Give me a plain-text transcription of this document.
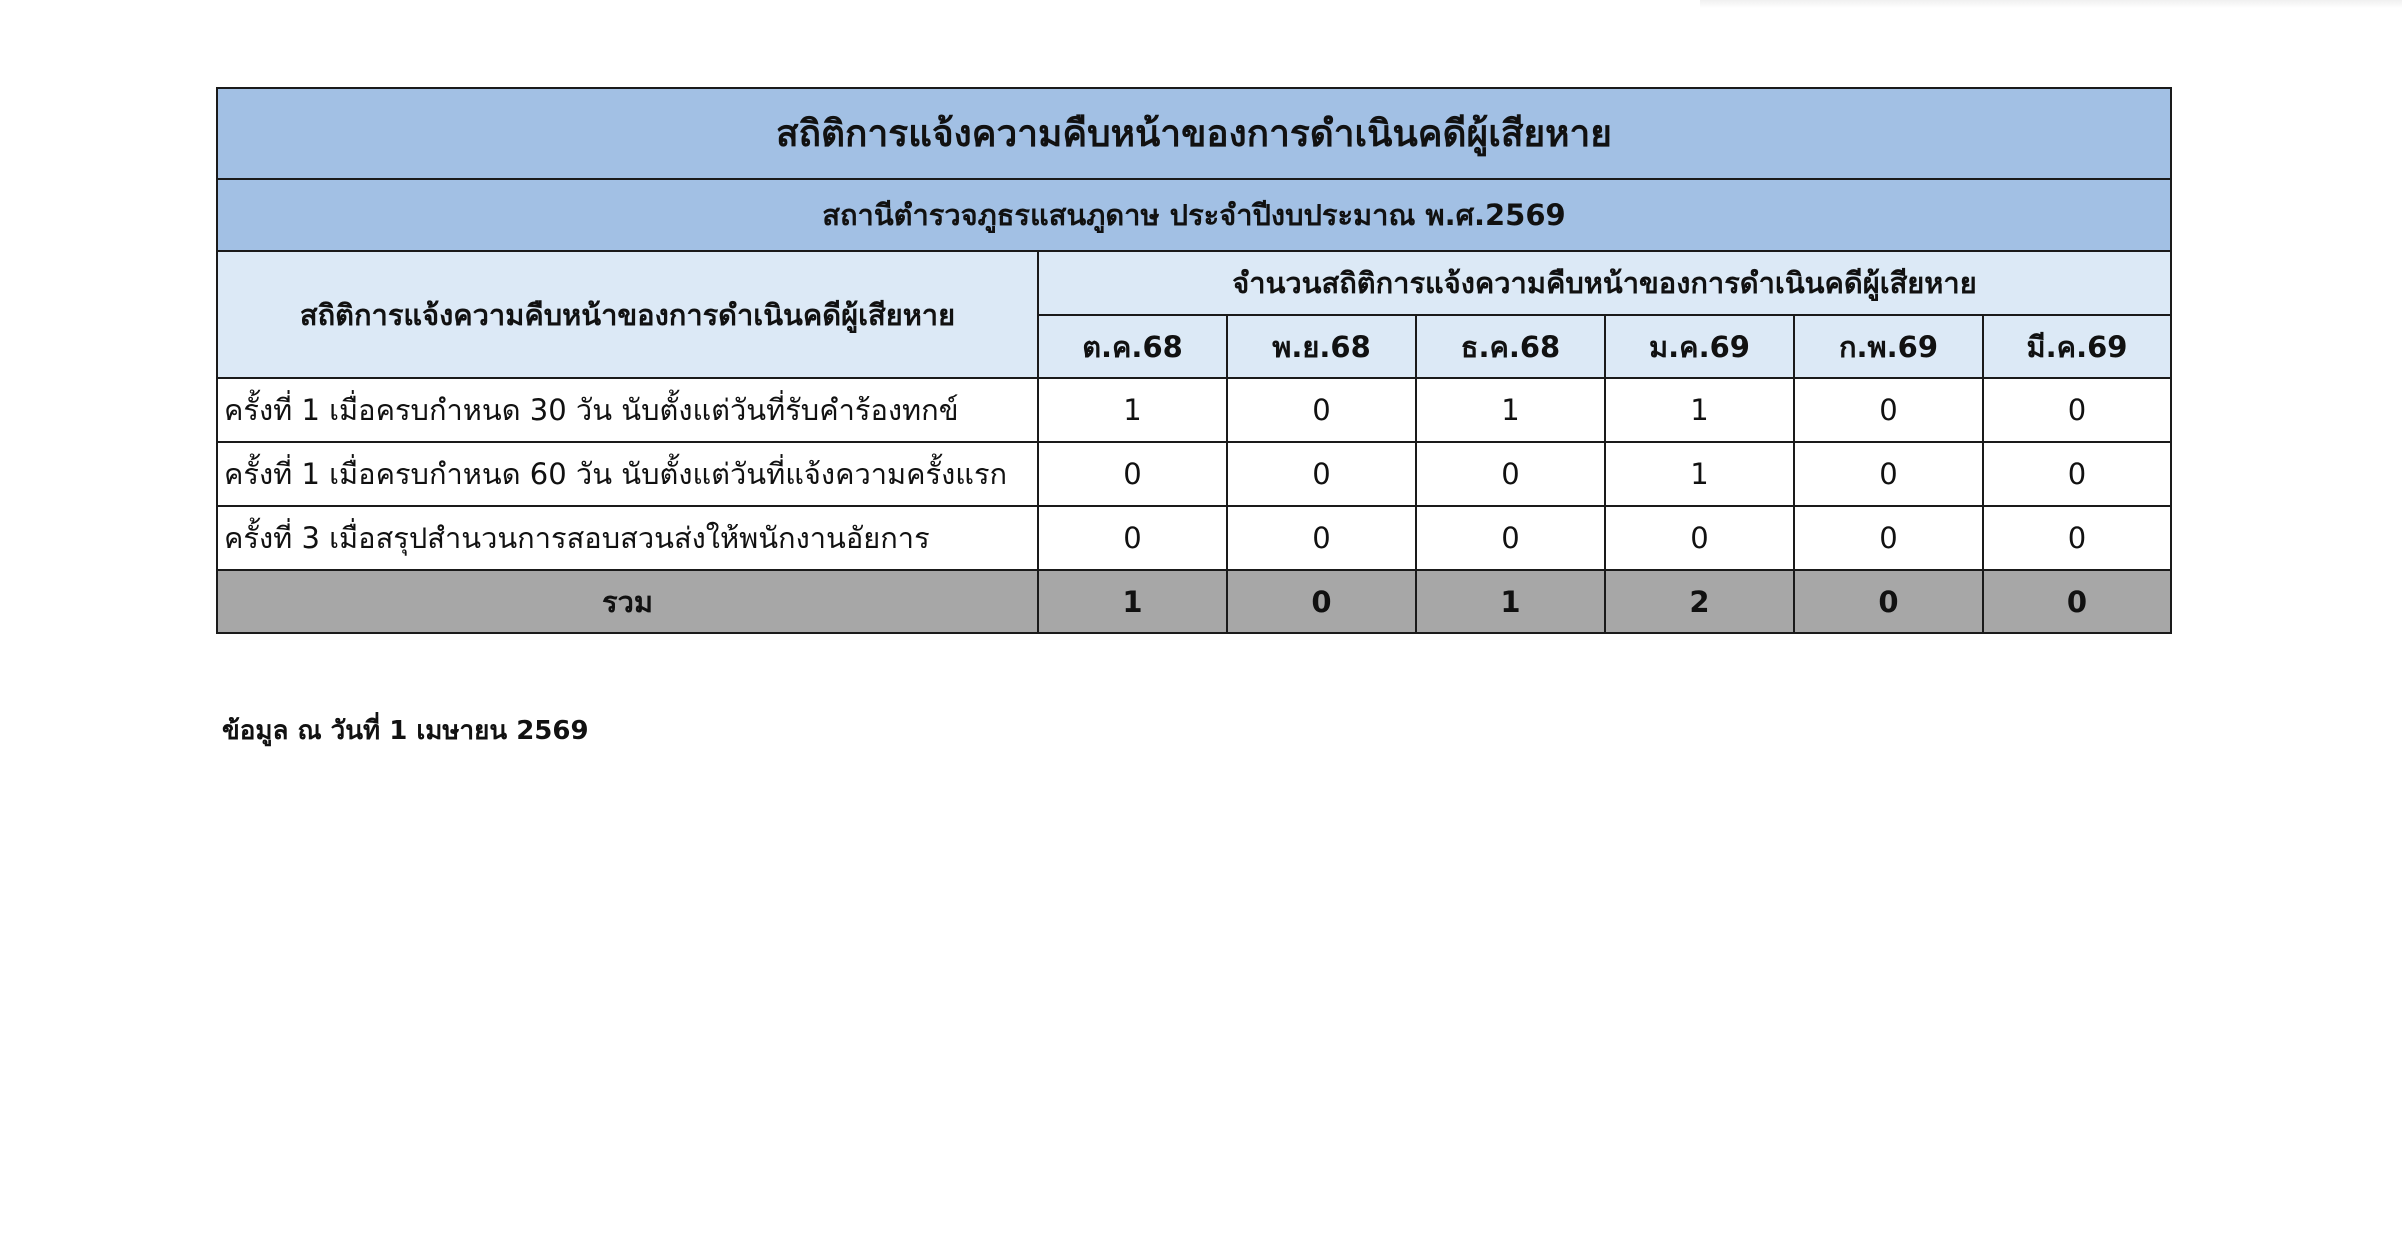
สถิติการแจ้งความคืบหน้าของการดำเนินคดีผู้เสียหาย						
สถานีตำรวจภูธรแสนภูดาษ ประจำปีงบประมาณ พ.ศ.2569						
สถิติการแจ้งความคืบหน้าของการดำเนินคดีผู้เสียหาย	จำนวนสถิติการแจ้งความคืบหน้าของการดำเนินคดีผู้เสียหาย					
	ต.ค.68	พ.ย.68	ธ.ค.68	ม.ค.69	ก.พ.69	มี.ค.69
ครั้งที่ 1 เมื่อครบกำหนด 30 วัน นับตั้งแต่วันที่รับคำร้องทกข์	1	0	1	1	0	0
ครั้งที่ 1 เมื่อครบกำหนด 60 วัน นับตั้งแต่วันที่แจ้งความครั้งแรก	0	0	0	1	0	0
ครั้งที่ 3 เมื่อสรุปสำนวนการสอบสวนส่งให้พนักงานอัยการ	0	0	0	0	0	0
รวม	1	0	1	2	0	0
ข้อมูล ณ วันที่ 1 เมษายน 2569
